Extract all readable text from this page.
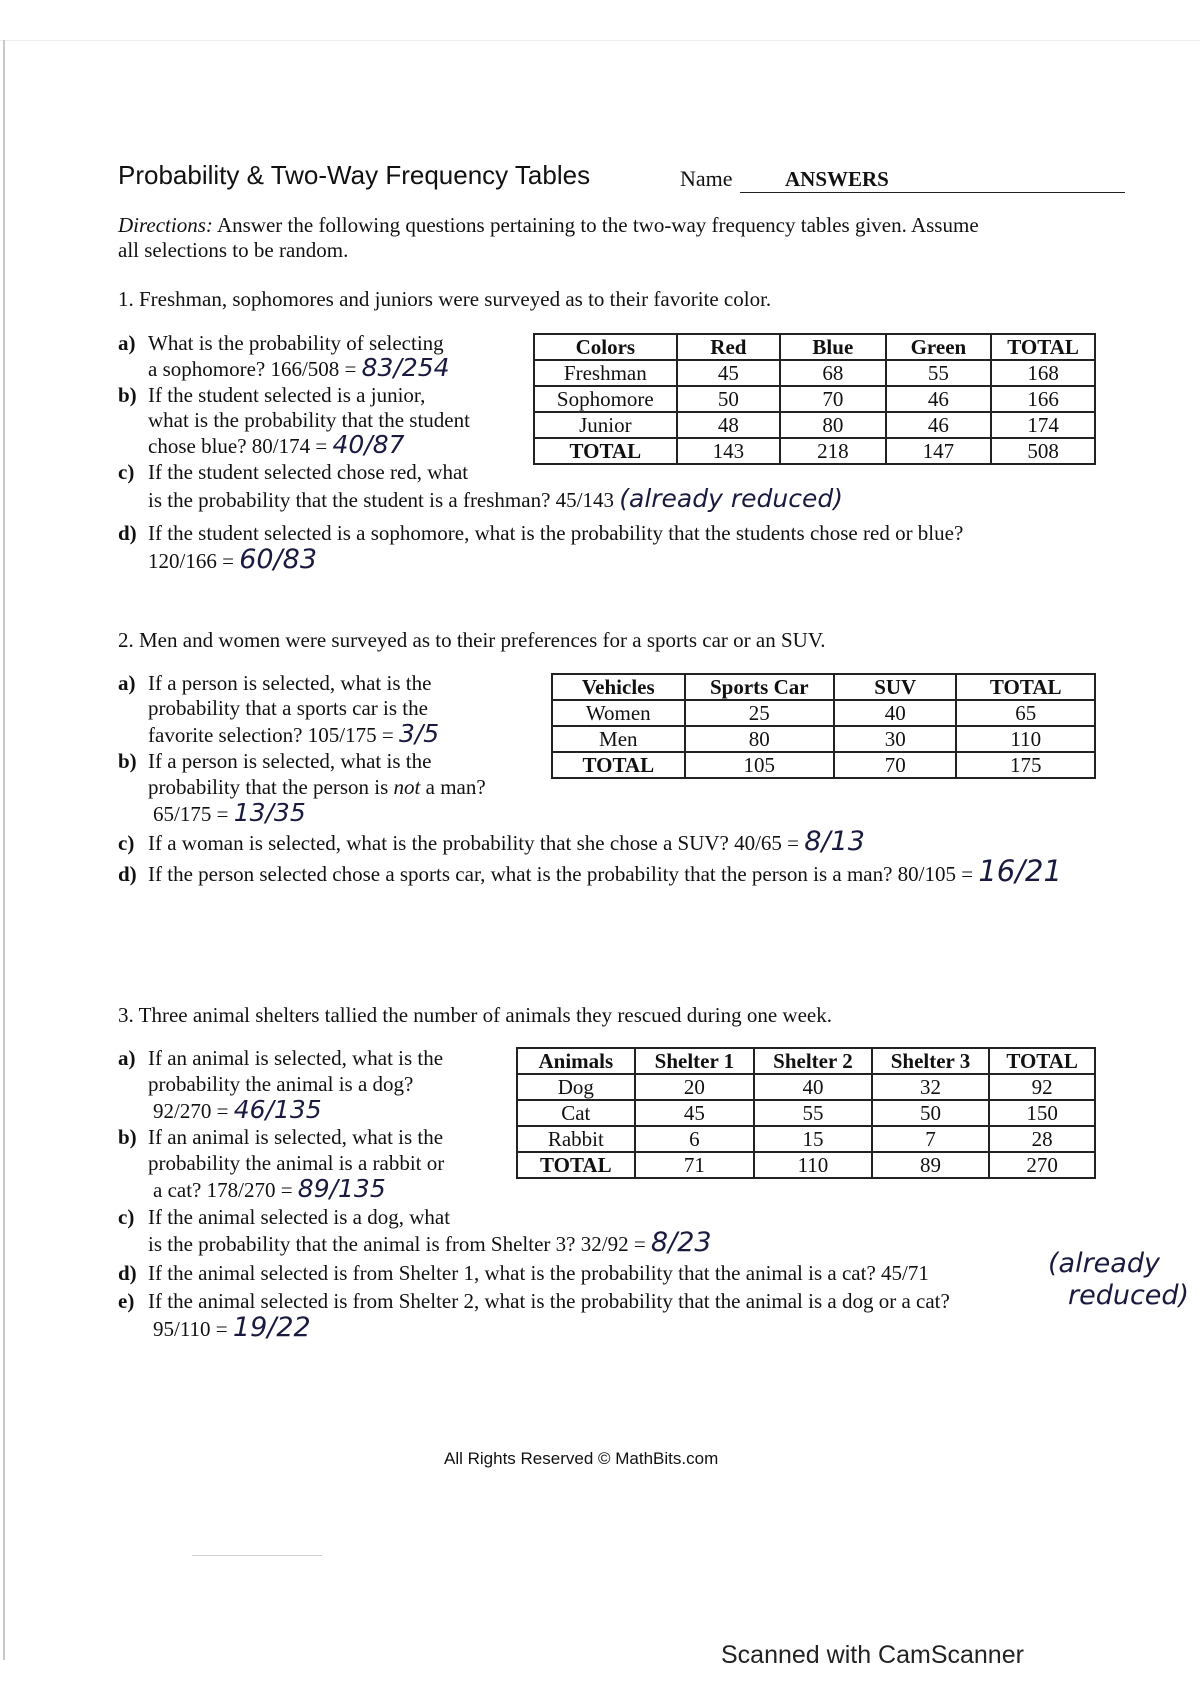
Probability & Two-Way Frequency Tables	Name	ANSWERS
Directions: Answer the following questions pertaining to the two-way frequency tables given. Assume
all selections to be random.
1. Freshman, sophomores and juniors were surveyed as to their favorite color.
a) What is the probability of selecting
a sophomore? 166/508 = 83/254
b) If the student selected is a junior,
what is the probability that the student
chose blue? 80/174 = 40/87
c) If the student selected chose red, what
is the probability that the student is a freshman? 45/143 (already reduced)
d) If the student selected is a sophomore, what is the probability that the students chose red or blue?
120/166 = 60/83
Colors	Red	Blue	Green	TOTAL
Freshman	45	68	55	168
Sophomore	50	70	46	166
Junior	48	80	46	174
TOTAL	143	218	147	508
2. Men and women were surveyed as to their preferences for a sports car or an SUV.
a) If a person is selected, what is the
probability that a sports car is the
favorite selection? 105/175 = 3/5
b) If a person is selected, what is the
probability that the person is not a man?
65/175 = 13/35
c) If a woman is selected, what is the probability that she chose a SUV? 40/65 = 8/13
d) If the person selected chose a sports car, what is the probability that the person is a man? 80/105 = 16/21
Vehicles	Sports Car	SUV	TOTAL
Women	25	40	65
Men	80	30	110
TOTAL	105	70	175
3. Three animal shelters tallied the number of animals they rescued during one week.
a) If an animal is selected, what is the
probability the animal is a dog?
92/270 = 46/135
b) If an animal is selected, what is the
probability the animal is a rabbit or
a cat? 178/270 = 89/135
c) If the animal selected is a dog, what
is the probability that the animal is from Shelter 3? 32/92 = 8/23
d) If the animal selected is from Shelter 1, what is the probability that the animal is a cat? 45/71	(already
reduced)
e) If the animal selected is from Shelter 2, what is the probability that the animal is a dog or a cat?
95/110 = 19/22
Animals	Shelter 1	Shelter 2	Shelter 3	TOTAL
Dog	20	40	32	92
Cat	45	55	50	150
Rabbit	6	15	7	28
TOTAL	71	110	89	270
All Rights Reserved © MathBits.com
Scanned with CamScanner
